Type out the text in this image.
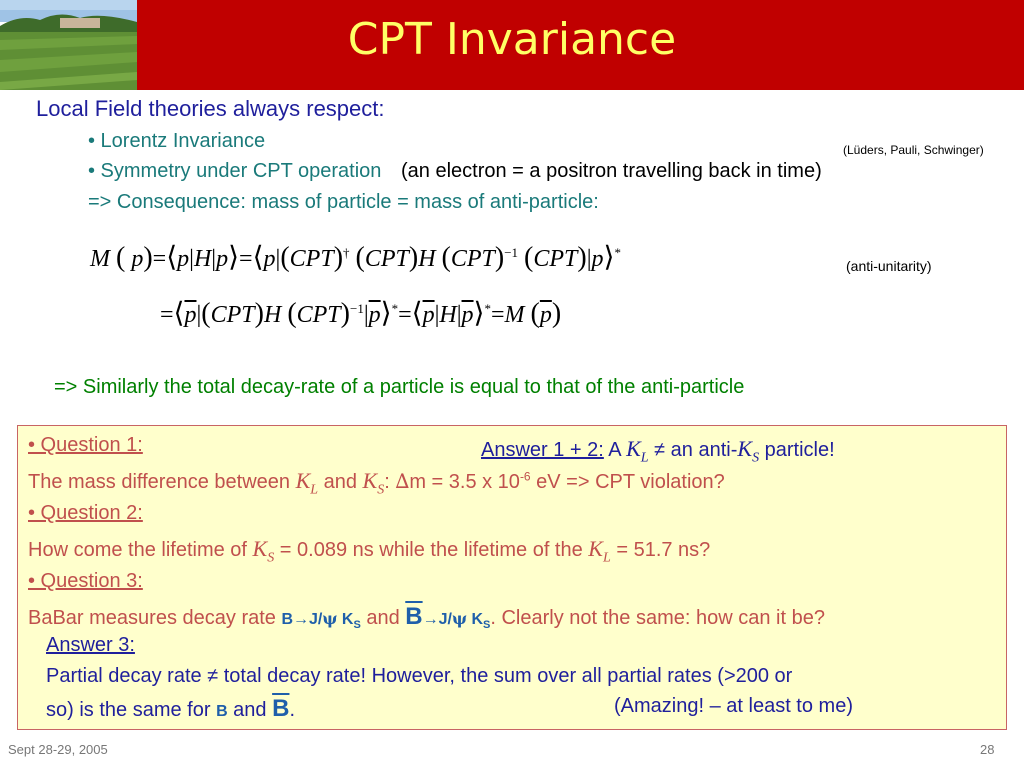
CPT Invariance
Local Field theories always respect:
• Lorentz Invariance
• Symmetry under CPT operation (an electron = a positron travelling back in time)
=> Consequence: mass of particle = mass of anti-particle:
(Lüders, Pauli, Schwinger)
M ( p)=⟨p|H|p⟩=⟨p|(CPT)† (CPT)H (CPT)$^{-1}$ (CPT)|p⟩*
(anti-unitarity)
$=⟨\overline{p}|(CPT)H$ $(CPT)^{-1}|\overline{p}⟩^*=⟨\overline{p}|H|\overline{p}⟩^*=M$ $(\overline{p})$
=> Similarly the total decay-rate of a particle is equal to that of the anti-particle
• Question 1:	Answer 1 + 2: A $K_L$ ≠ an anti-$K_S$ particle!
The mass difference between $K_L$ and $K_S$: ∆m = 3.5 x $10^{-6}$ eV => CPT violation?
• Question 2:
How come the lifetime of $K_S = 0.089$ ns while the lifetime of the $K_L = 51.7$ ns?
• Question 3:
BaBar measures decay rate B→J/ψ $K_S$ and $\overline{B}\to J/\psi$ $K_S$. Clearly not the same: how can it be?
Answer 3:
Partial decay rate ≠ total decay rate! However, the sum over all partial rates (>200 or
so) is the same for B and $\overline{B}$.	(Amazing! – at least to me)
Sept 28-29, 2005	28
